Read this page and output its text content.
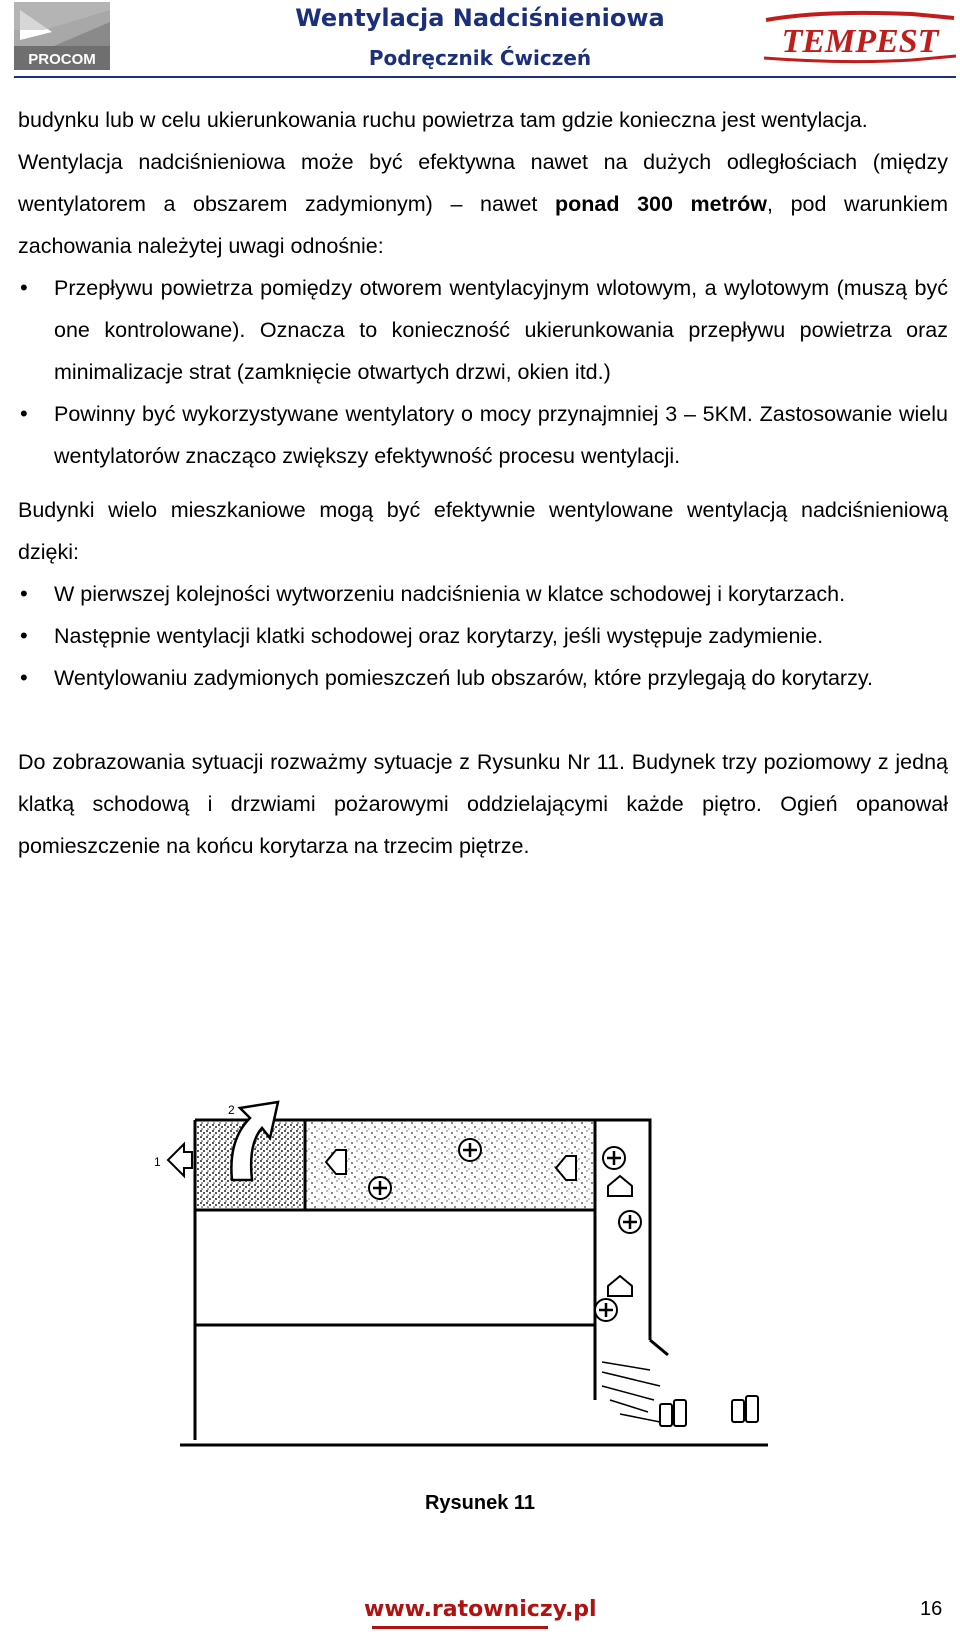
PROCOM
Wentylacja Nadciśnieniowa
Podręcznik Ćwiczeń	TEMPEST

budynku lub w celu ukierunkowania ruchu powietrza tam gdzie konieczna jest wentylacja.

Wentylacja nadciśnieniowa może być efektywna nawet na dużych odległościach (między wentylatorem a obszarem zadymionym) – nawet ponad 300 metrów, pod warunkiem zachowania należytej uwagi odnośnie:

• Przepływu powietrza pomiędzy otworem wentylacyjnym wlotowym, a wylotowym (muszą być one kontrolowane). Oznacza to konieczność ukierunkowania przepływu powietrza oraz minimalizacje strat (zamknięcie otwartych drzwi, okien itd.)
• Powinny być wykorzystywane wentylatory o mocy przynajmniej 3 – 5KM. Zastosowanie wielu wentylatorów znacząco zwiększy efektywność procesu wentylacji.

Budynki wielo mieszkaniowe mogą być efektywnie wentylowane wentylacją nadciśnieniową dzięki:

• W pierwszej kolejności wytworzeniu nadciśnienia w klatce schodowej i korytarzach.
• Następnie wentylacji klatki schodowej oraz korytarzy, jeśli występuje zadymienie.
• Wentylowaniu zadymionych pomieszczeń lub obszarów, które przylegają do korytarzy.

Do zobrazowania sytuacji rozważmy sytuacje z Rysunku Nr 11. Budynek trzy poziomowy z jedną klatką schodową i drzwiami pożarowymi oddzielającymi każde piętro. Ogień opanował pomieszczenie na końcu korytarza na trzecim piętrze.

2
1
Rysunek 11
www.ratowniczy.pl	16
